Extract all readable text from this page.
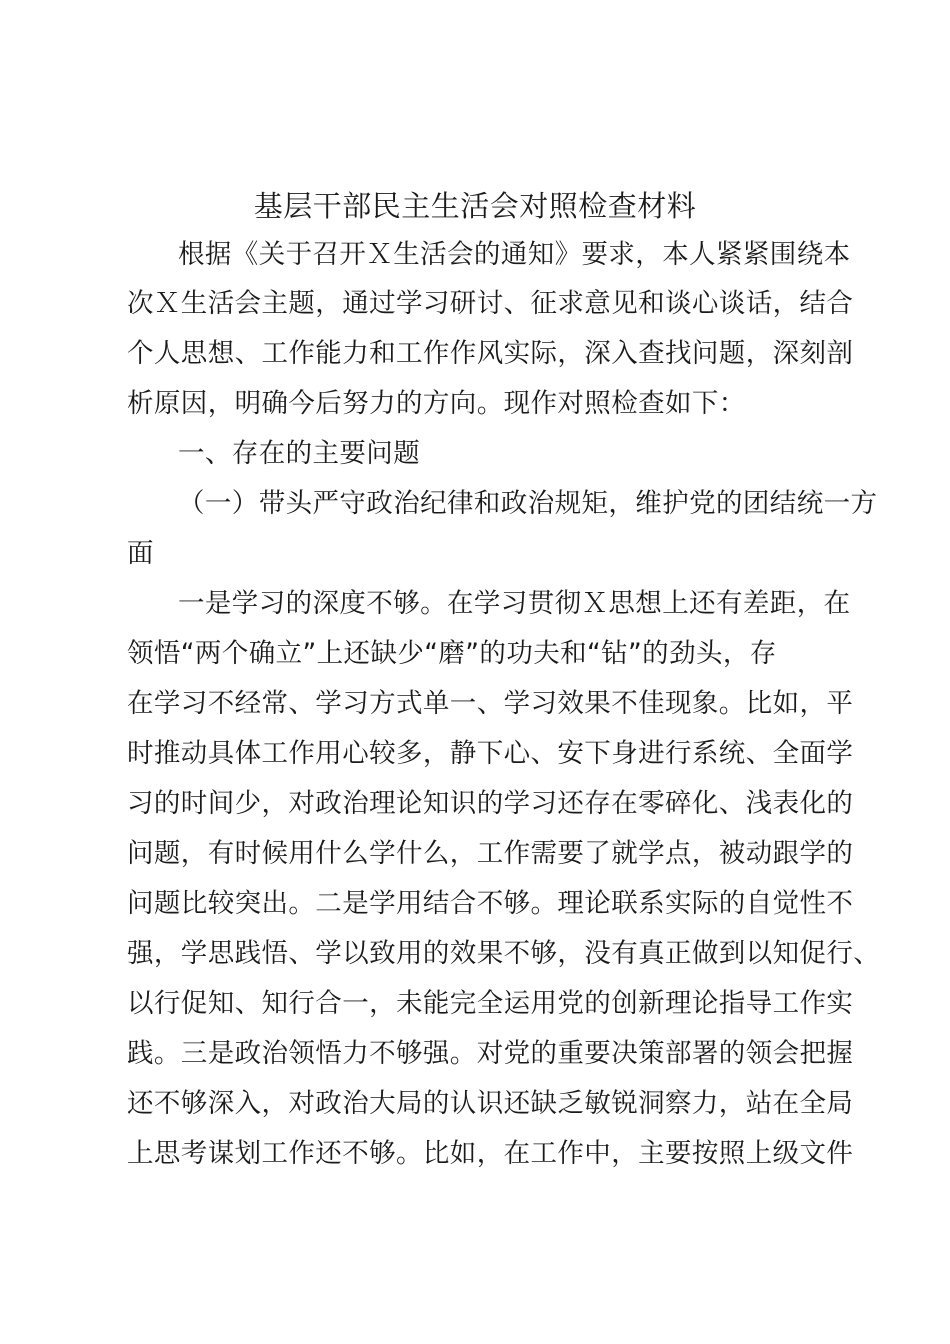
基层干部民主生活会对照检查材料
根据《关于召开Ｘ生活会的通知》要求，本人紧紧围绕本
次Ｘ生活会主题，通过学习研讨、征求意见和谈心谈话，结合
个人思想、工作能力和工作作风实际，深入查找问题，深刻剖
析原因，明确今后努力的方向。现作对照检查如下：
一、存在的主要问题
（一）带头严守政治纪律和政治规矩，维护党的团结统一方
面
一是学习的深度不够。在学习贯彻Ｘ思想上还有差距，在
领悟“两个确立”上还缺少“磨”的功夫和“钻”的劲头，存
在学习不经常、学习方式单一、学习效果不佳现象。比如，平
时推动具体工作用心较多，静下心、安下身进行系统、全面学
习的时间少，对政治理论知识的学习还存在零碎化、浅表化的
问题，有时候用什么学什么，工作需要了就学点，被动跟学的
问题比较突出。二是学用结合不够。理论联系实际的自觉性不
强，学思践悟、学以致用的效果不够，没有真正做到以知促行、
以行促知、知行合一，未能完全运用党的创新理论指导工作实
践。三是政治领悟力不够强。对党的重要决策部署的领会把握
还不够深入，对政治大局的认识还缺乏敏锐洞察力，站在全局
上思考谋划工作还不够。比如，在工作中，主要按照上级文件
